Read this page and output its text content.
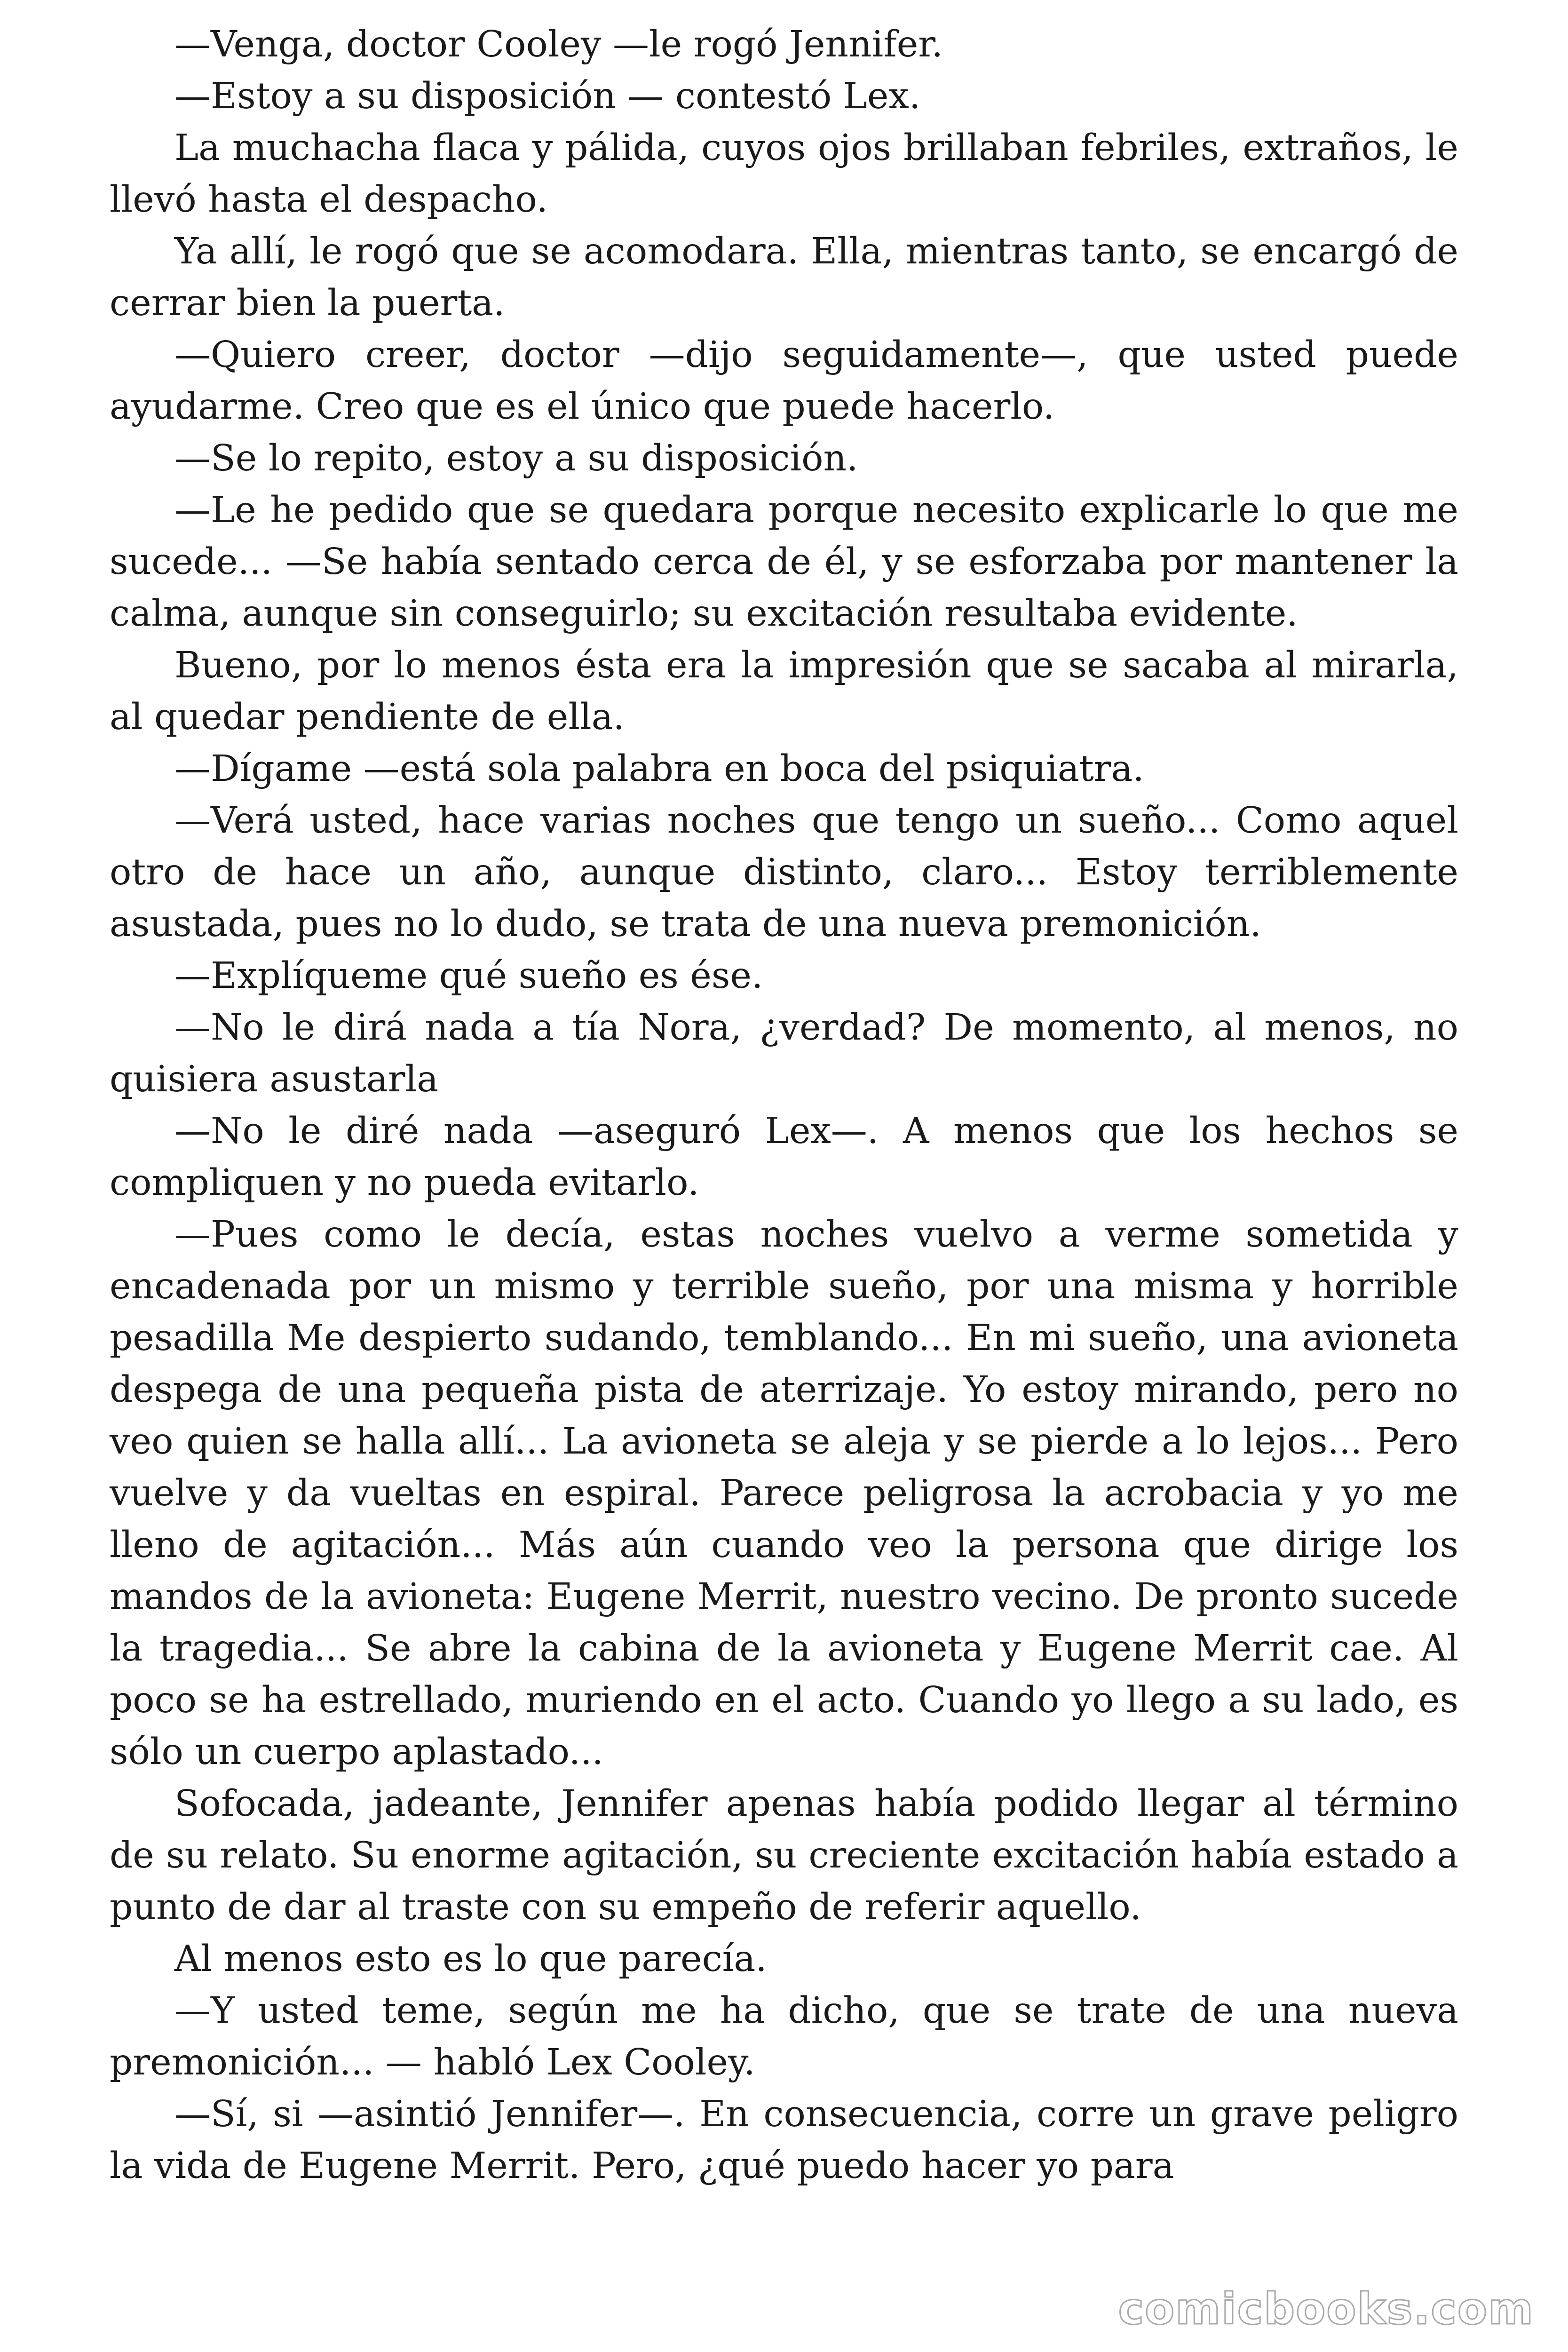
—Venga, doctor Cooley —le rogó Jennifer.

—Estoy a su disposición — contestó Lex.

La muchacha flaca y pálida, cuyos ojos brillaban febriles, extraños, le llevó hasta el despacho.

Ya allí, le rogó que se acomodara. Ella, mientras tanto, se encargó de cerrar bien la puerta.

—Quiero creer, doctor —dijo seguidamente—, que usted puede ayudarme. Creo que es el único que puede hacerlo.

—Se lo repito, estoy a su disposición.

—Le he pedido que se quedara porque necesito explicarle lo que me sucede... —Se había sentado cerca de él, y se esforzaba por mantener la calma, aunque sin conseguirlo; su excitación resultaba evidente.

Bueno, por lo menos ésta era la impresión que se sacaba al mirarla, al quedar pendiente de ella.

—Dígame —está sola palabra en boca del psiquiatra.

—Verá usted, hace varias noches que tengo un sueño... Como aquel otro de hace un año, aunque distinto, claro... Estoy terriblemente asustada, pues no lo dudo, se trata de una nueva premonición.

—Explíqueme qué sueño es ése.

—No le dirá nada a tía Nora, ¿verdad? De momento, al menos, no quisiera asustarla

—No le diré nada —aseguró Lex—. A menos que los hechos se compliquen y no pueda evitarlo.

—Pues como le decía, estas noches vuelvo a verme sometida y encadenada por un mismo y terrible sueño, por una misma y horrible pesadilla Me despierto sudando, temblando... En mi sueño, una avioneta despega de una pequeña pista de aterrizaje. Yo estoy mirando, pero no veo quien se halla allí... La avioneta se aleja y se pierde a lo lejos... Pero vuelve y da vueltas en espiral. Parece peligrosa la acrobacia y yo me lleno de agitación... Más aún cuando veo la persona que dirige los mandos de la avioneta: Eugene Merrit, nuestro vecino. De pronto sucede la tragedia... Se abre la cabina de la avioneta y Eugene Merrit cae. Al poco se ha estrellado, muriendo en el acto. Cuando yo llego a su lado, es sólo un cuerpo aplastado...

Sofocada, jadeante, Jennifer apenas había podido llegar al término de su relato. Su enorme agitación, su creciente excitación había estado a punto de dar al traste con su empeño de referir aquello.

Al menos esto es lo que parecía.

—Y usted teme, según me ha dicho, que se trate de una nueva premonición... — habló Lex Cooley.

—Sí, si —asintió Jennifer—. En consecuencia, corre un grave peligro la vida de Eugene Merrit. Pero, ¿qué puedo hacer yo para

comicbooks.com
